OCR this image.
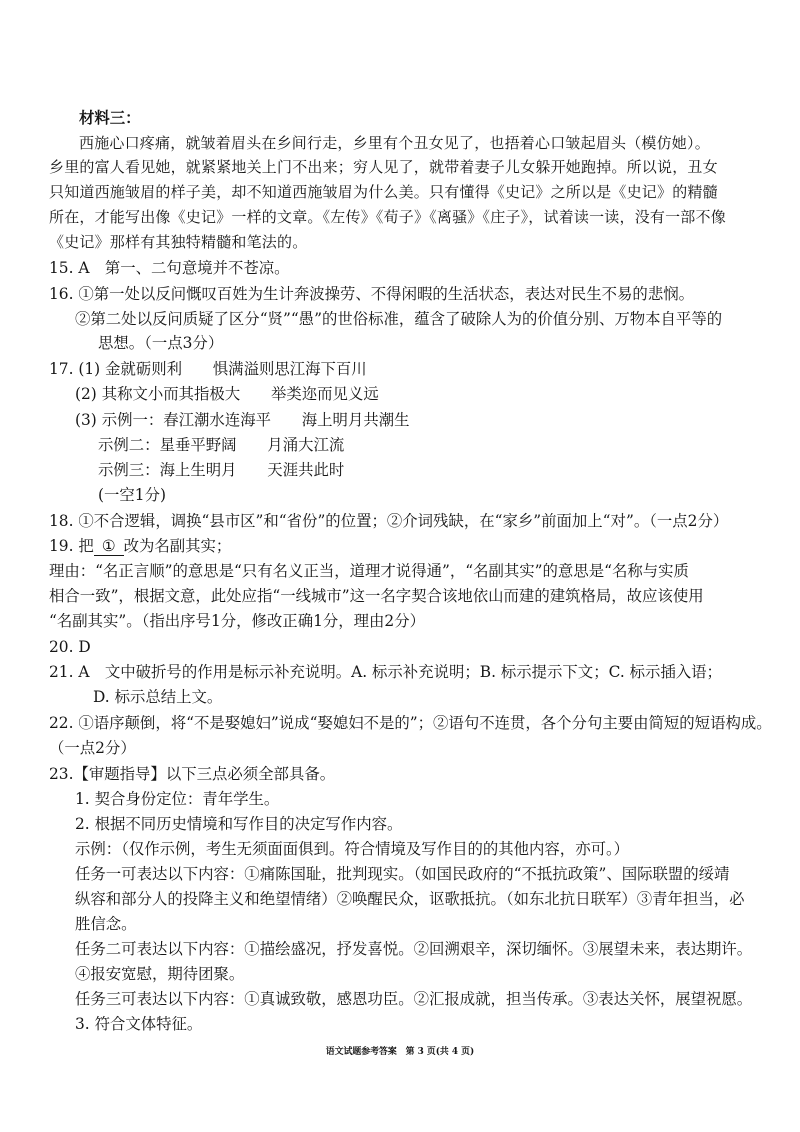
材料三：

西施心口疼痛，就皱着眉头在乡间行走，乡里有个丑女见了，也捂着心口皱起眉头（模仿她）。

乡里的富人看见她，就紧紧地关上门不出来；穷人见了，就带着妻子儿女躲开她跑掉。所以说，丑女

只知道西施皱眉的样子美，却不知道西施皱眉为什么美。只有懂得《史记》之所以是《史记》的精髓

所在，才能写出像《史记》一样的文章。《左传》《荀子》《离骚》《庄子》，试着读一读，没有一部不像

《史记》那样有其独特精髓和笔法的。

15. A　第一、二句意境并不苍凉。

16. ①第一处以反问慨叹百姓为生计奔波操劳、不得闲暇的生活状态，表达对民生不易的悲悯。

②第二处以反问质疑了区分“贤”“愚”的世俗标准，蕴含了破除人为的价值分别、万物本自平等的

思想。（一点3分）

17. (1) 金就砺则利　　惧满溢则思江海下百川

(2) 其称文小而其指极大　　举类迩而见义远

(3) 示例一：春江潮水连海平　　海上明月共潮生

示例二：星垂平野阔　　月涌大江流

示例三：海上生明月　　天涯共此时

(一空1分)

18. ①不合逻辑，调换“县市区”和“省份”的位置；②介词残缺，在“家乡”前面加上“对”。（一点2分）

19. 把 ① 改为名副其实；

理由：“名正言顺”的意思是“只有名义正当，道理才说得通”，“名副其实”的意思是“名称与实质

相合一致”，根据文意，此处应指“一线城市”这一名字契合该地依山而建的建筑格局，故应该使用

“名副其实”。（指出序号1分，修改正确1分，理由2分）

20. D

21. A　文中破折号的作用是标示补充说明。A. 标示补充说明；B. 标示提示下文；C. 标示插入语；

D. 标示总结上文。

22. ①语序颠倒，将“不是娶媳妇”说成“娶媳妇不是的”；②语句不连贯，各个分句主要由简短的短语构成。

（一点2分）

23.【审题指导】以下三点必须全部具备。

1. 契合身份定位：青年学生。

2. 根据不同历史情境和写作目的决定写作内容。

示例：（仅作示例，考生无须面面俱到。符合情境及写作目的的其他内容，亦可。）

任务一可表达以下内容：①痛陈国耻，批判现实。（如国民政府的“不抵抗政策”、国际联盟的绥靖

纵容和部分人的投降主义和绝望情绪）②唤醒民众，讴歌抵抗。（如东北抗日联军）③青年担当，必

胜信念。

任务二可表达以下内容：①描绘盛况，抒发喜悦。②回溯艰辛，深切缅怀。③展望未来，表达期许。

④报安宽慰，期待团聚。

任务三可表达以下内容：①真诚致敬，感恩功臣。②汇报成就，担当传承。③表达关怀，展望祝愿。

3. 符合文体特征。

语文试题参考答案　第 3 页(共 4 页)
